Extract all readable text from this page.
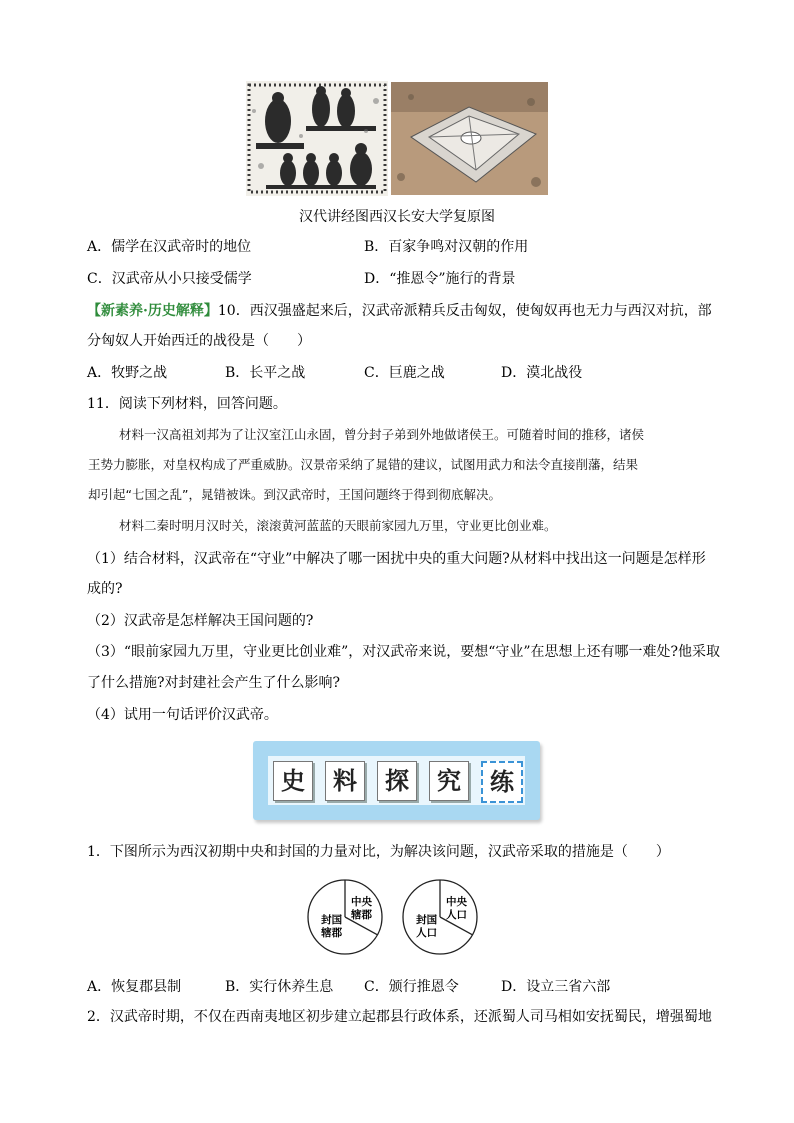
汉代讲经图西汉长安大学复原图
A．儒学在汉武帝时的地位	B．百家争鸣对汉朝的作用
C．汉武帝从小只接受儒学	D．“推恩令”施行的背景
【新素养·历史解释】10．西汉强盛起来后，汉武帝派精兵反击匈奴，使匈奴再也无力与西汉对抗，部
分匈奴人开始西迁的战役是（　　）
A．牧野之战	B．长平之战	C．巨鹿之战	D．漠北战役
11．阅读下列材料，回答问题。
材料一汉高祖刘邦为了让汉室江山永固，曾分封子弟到外地做诸侯王。可随着时间的推移，诸侯
王势力膨胀，对皇权构成了严重威胁。汉景帝采纳了晁错的建议，试图用武力和法令直接削藩，结果
却引起“七国之乱”，晁错被诛。到汉武帝时，王国问题终于得到彻底解决。
材料二秦时明月汉时关，滚滚黄河蓝蓝的天眼前家园九万里，守业更比创业难。
（1）结合材料，汉武帝在“守业”中解决了哪一困扰中央的重大问题?从材料中找出这一问题是怎样形
成的?
（2）汉武帝是怎样解决王国问题的?
（3）“眼前家园九万里，守业更比创业难”，对汉武帝来说，要想“守业”在思想上还有哪一难处?他采取
了什么措施?对封建社会产生了什么影响?
（4）试用一句话评价汉武帝。
史	料	探	究	练
1．下图所示为西汉初期中央和封国的力量对比，为解决该问题，汉武帝采取的措施是（　　）
中央辖郡
封国辖郡
中央人口
封国人口
A．恢复郡县制	B．实行休养生息 C．颁行推恩令	D．设立三省六部
2．汉武帝时期，不仅在西南夷地区初步建立起郡县行政体系，还派蜀人司马相如安抚蜀民，增强蜀地
